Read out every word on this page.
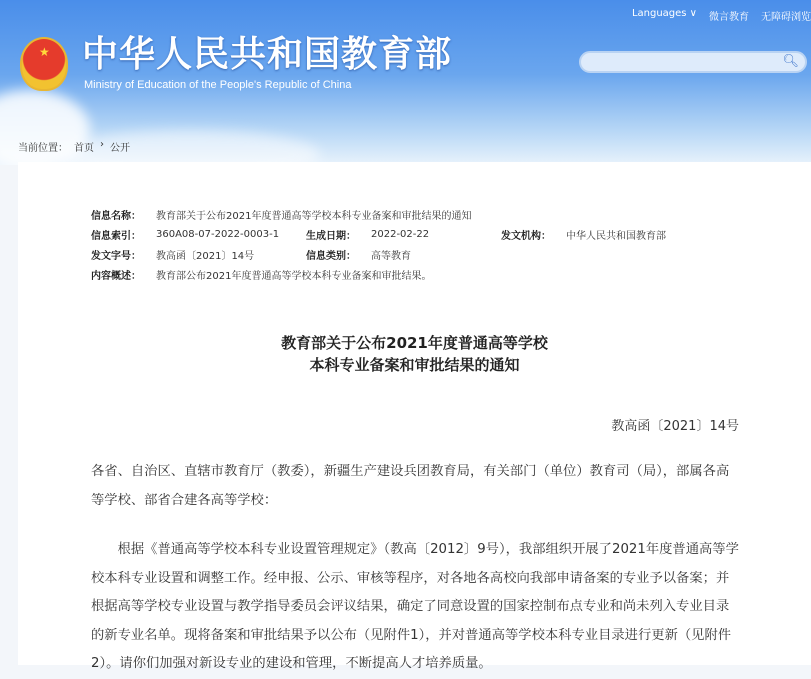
Languages ∨ 微言教育 无障碍浏览
★
中华人民共和国教育部
Ministry of Education of the People's Republic of China
🔍︎
当前位置： 首页 › 公开
信息名称：	教育部关于公布2021年度普通高等学校本科专业备案和审批结果的通知
信息索引：	360A08-07-2022-0003-1	生成日期：	2022-02-22	发文机构：	中华人民共和国教育部
发文字号：	教高函〔2021〕14号	信息类别：	高等教育
内容概述：	教育部公布2021年度普通高等学校本科专业备案和审批结果。
教育部关于公布2021年度普通高等学校
本科专业备案和审批结果的通知
教高函〔2021〕14号
各省、自治区、直辖市教育厅（教委），新疆生产建设兵团教育局，有关部门（单位）教育司（局），部属各高等学校、部省合建各高等学校：
　　根据《普通高等学校本科专业设置管理规定》（教高〔2012〕9号），我部组织开展了2021年度普通高等学校本科专业设置和调整工作。经申报、公示、审核等程序，对各地各高校向我部申请备案的专业予以备案；并根据高等学校专业设置与教学指导委员会评议结果，确定了同意设置的国家控制布点专业和尚未列入专业目录的新专业名单。现将备案和审批结果予以公布（见附件1），并对普通高等学校本科专业目录进行更新（见附件2）。请你们加强对新设专业的建设和管理，不断提高人才培养质量。
